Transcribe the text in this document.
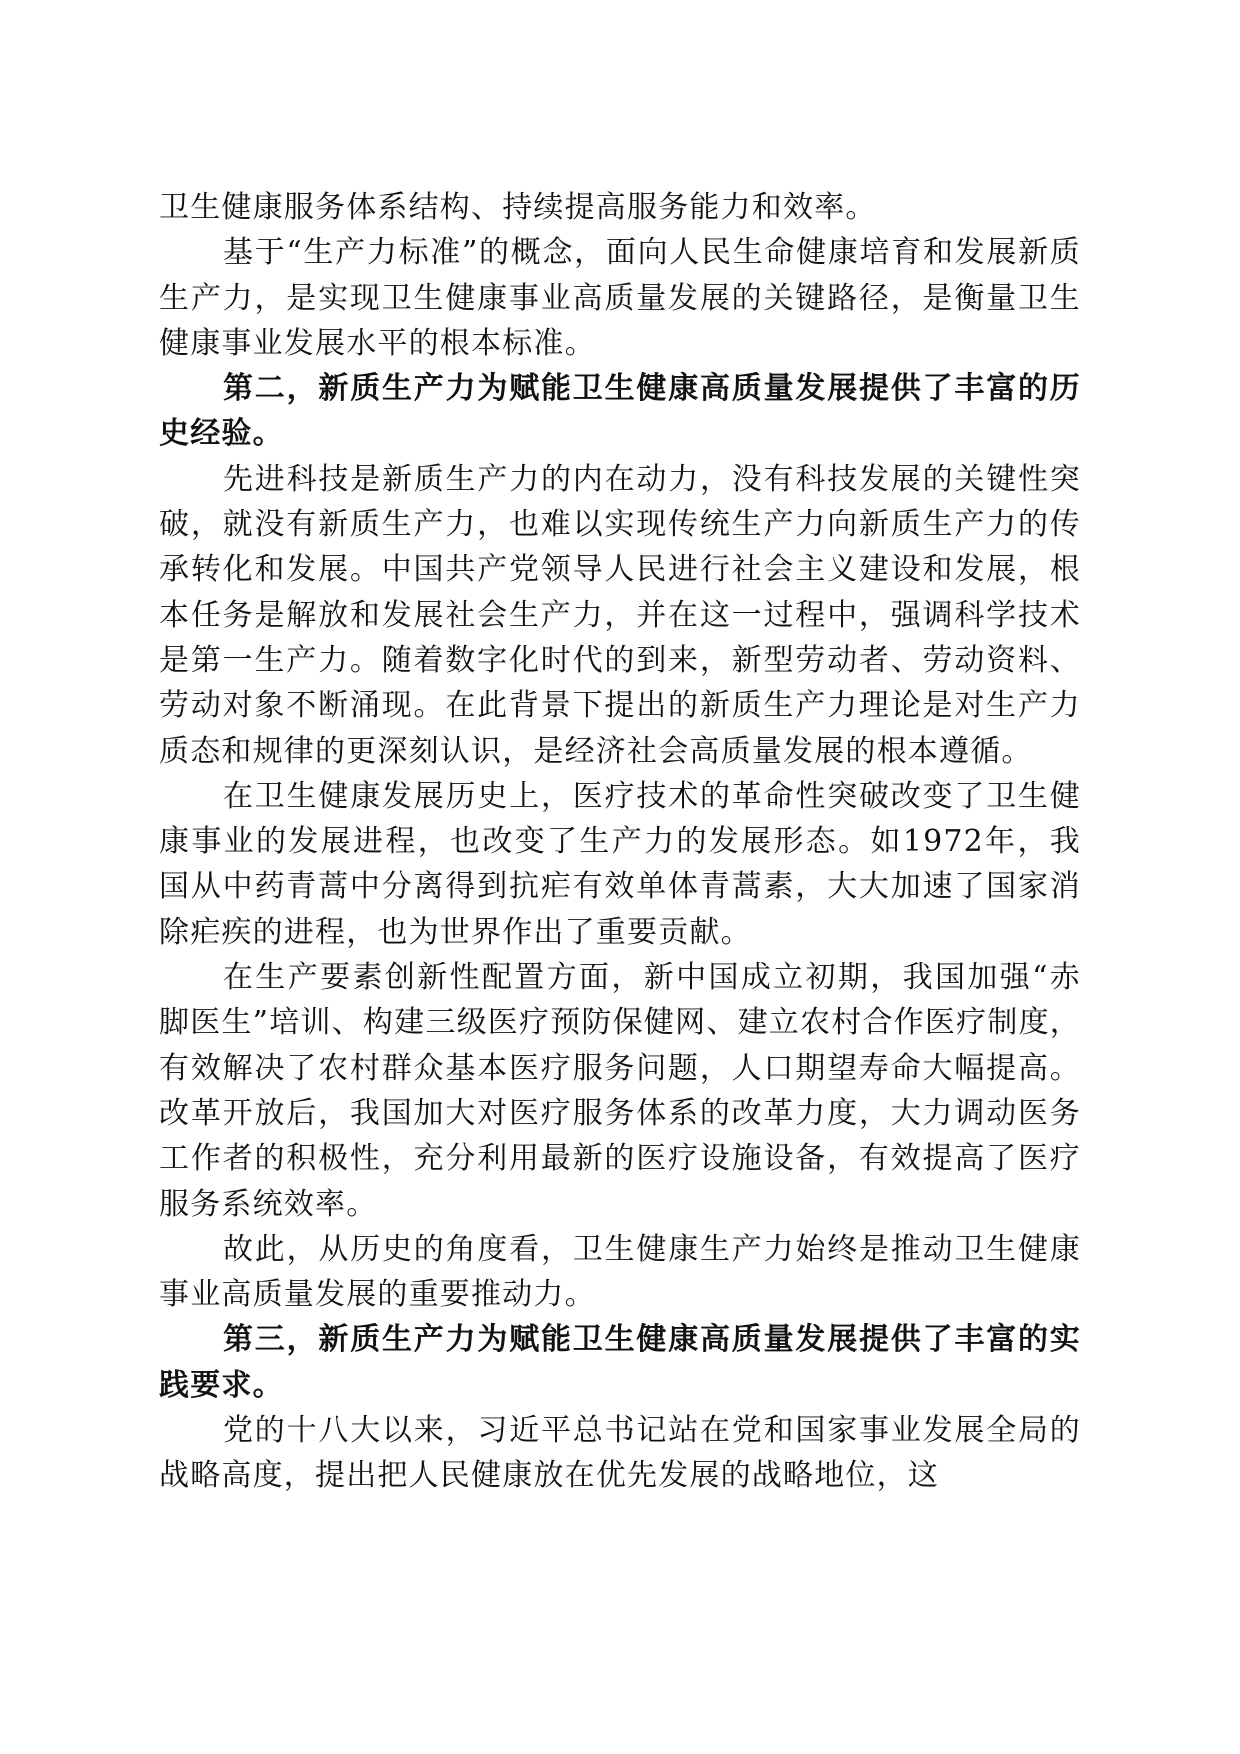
卫生健康服务体系结构、持续提高服务能力和效率。

基于“生产力标准”的概念，面向人民生命健康培育和发展新质生产力，是实现卫生健康事业高质量发展的关键路径，是衡量卫生健康事业发展水平的根本标准。

第二，新质生产力为赋能卫生健康高质量发展提供了丰富的历史经验。

先进科技是新质生产力的内在动力，没有科技发展的关键性突破，就没有新质生产力，也难以实现传统生产力向新质生产力的传承转化和发展。中国共产党领导人民进行社会主义建设和发展，根本任务是解放和发展社会生产力，并在这一过程中，强调科学技术是第一生产力。随着数字化时代的到来，新型劳动者、劳动资料、劳动对象不断涌现。在此背景下提出的新质生产力理论是对生产力质态和规律的更深刻认识，是经济社会高质量发展的根本遵循。

在卫生健康发展历史上，医疗技术的革命性突破改变了卫生健康事业的发展进程，也改变了生产力的发展形态。如1972年，我国从中药青蒿中分离得到抗疟有效单体青蒿素，大大加速了国家消除疟疾的进程，也为世界作出了重要贡献。

在生产要素创新性配置方面，新中国成立初期，我国加强“赤脚医生”培训、构建三级医疗预防保健网、建立农村合作医疗制度，有效解决了农村群众基本医疗服务问题，人口期望寿命大幅提高。改革开放后，我国加大对医疗服务体系的改革力度，大力调动医务工作者的积极性，充分利用最新的医疗设施设备，有效提高了医疗服务系统效率。

故此，从历史的角度看，卫生健康生产力始终是推动卫生健康事业高质量发展的重要推动力。

第三，新质生产力为赋能卫生健康高质量发展提供了丰富的实践要求。

党的十八大以来，习近平总书记站在党和国家事业发展全局的战略高度，提出把人民健康放在优先发展的战略地位，这
